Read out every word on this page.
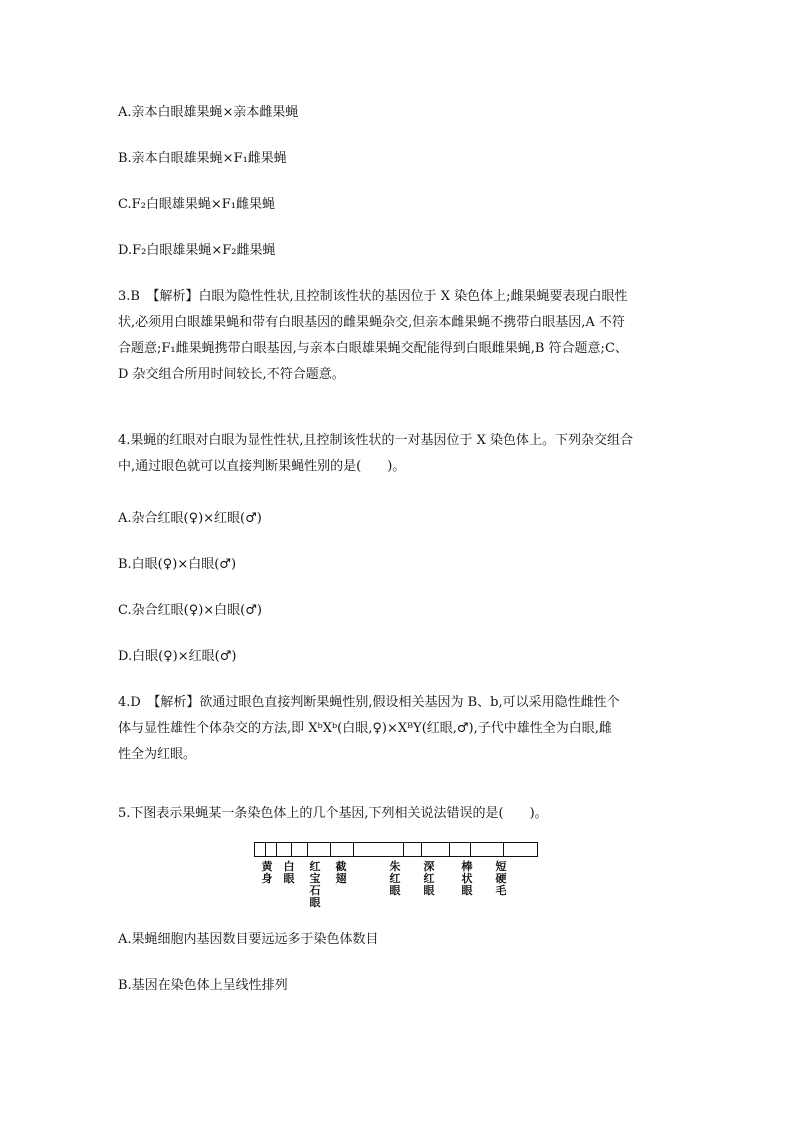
A.亲本白眼雄果蝇×亲本雌果蝇
B.亲本白眼雄果蝇×F₁雌果蝇
C.F₂白眼雄果蝇×F₁雌果蝇
D.F₂白眼雄果蝇×F₂雌果蝇
3.B　【解析】白眼为隐性性状,且控制该性状的基因位于 X 染色体上;雌果蝇要表现白眼性
状,必须用白眼雄果蝇和带有白眼基因的雌果蝇杂交,但亲本雌果蝇不携带白眼基因,A 不符
合题意;F₁雌果蝇携带白眼基因,与亲本白眼雄果蝇交配能得到白眼雌果蝇,B 符合题意;C、
D 杂交组合所用时间较长,不符合题意。
4.果蝇的红眼对白眼为显性性状,且控制该性状的一对基因位于 X 染色体上。下列杂交组合
中,通过眼色就可以直接判断果蝇性别的是(　　)。
A.杂合红眼(♀)×红眼(♂)
B.白眼(♀)×白眼(♂)
C.杂合红眼(♀)×白眼(♂)
D.白眼(♀)×红眼(♂)
4.D　【解析】欲通过眼色直接判断果蝇性别,假设相关基因为 B、b,可以采用隐性雌性个
体与显性雄性个体杂交的方法,即 XᵇXᵇ(白眼,♀)×XᴮY(红眼,♂),子代中雄性全为白眼,雌
性全为红眼。
5.下图表示果蝇某一条染色体上的几个基因,下列相关说法错误的是(　　)。
黄身
白眼
红宝石眼
截翅
朱红眼
深红眼
棒状眼
短硬毛
A.果蝇细胞内基因数目要远远多于染色体数目
B.基因在染色体上呈线性排列
